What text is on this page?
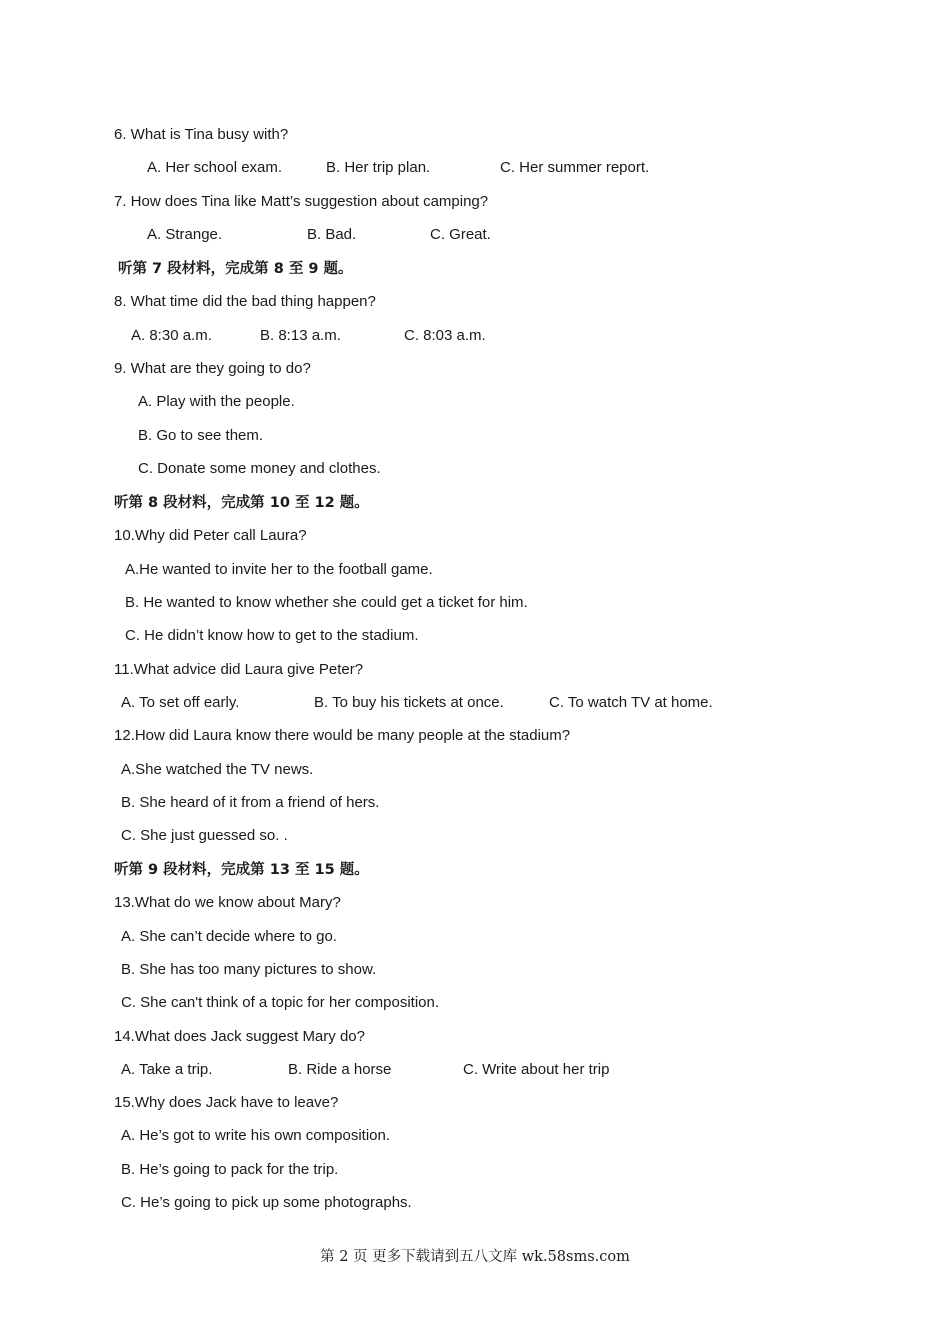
6. What is Tina busy with?
A. Her school exam.	B. Her trip plan.	C. Her summer report.
7. How does Tina like Matt’s suggestion about camping?
A. Strange.	B. Bad.	C. Great.
听第 7 段材料，完成第 8 至 9 题。
8. What time did the bad thing happen?
A. 8:30 a.m.	B. 8:13 a.m.	C. 8:03 a.m.
9. What are they going to do?
A. Play with the people.
B. Go to see them.
C. Donate some money and clothes.
听第 8 段材料，完成第 10 至 12 题。
10.Why did Peter call Laura?
A.He wanted to invite her to the football game.
B. He wanted to know whether she could get a ticket for him.
C. He didn’t know how to get to the stadium.
11.What advice did Laura give Peter?
A. To set off early.	B. To buy his tickets at once.	C. To watch TV at home.
12.How did Laura know there would be many people at the stadium?
A.She watched the TV news.
B. She heard of it from a friend of hers.
C. She just guessed so. .
听第 9 段材料，完成第 13 至 15 题。
13.What do we know about Mary?
A. She can’t decide where to go.
B. She has too many pictures to show.
C. She can't think of a topic for her composition.
14.What does Jack suggest Mary do?
A. Take a trip.	B. Ride a horse	C. Write about her trip
15.Why does Jack have to leave?
A. He’s got to write his own composition.
B. He’s going to pack for the trip.
C. He’s going to pick up some photographs.
第 2 页 更多下载请到五八文库 wk.58sms.com
